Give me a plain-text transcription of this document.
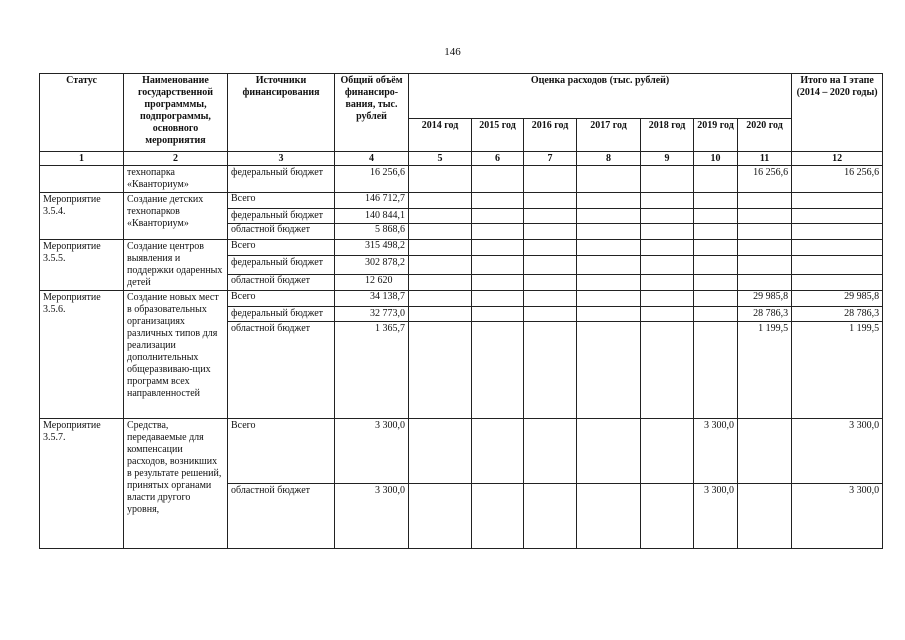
146
Статус	Наименование государственной программмы, подпрограммы, основного мероприятия	Источники финансирования	Общий объём финансиро-вания, тыс. рублей	Оценка расходов (тыс. рублей)							Итого на I этапе (2014 – 2020 годы)
				2014 год	2015 год	2016 год	2017 год	2018 год	2019 год	2020 год	
1	2	3	4	5	6	7	8	9	10	11	12
	технопарка «Кванториум»	федеральный бюджет	16 256,6							16 256,6	16 256,6
Мероприятие 3.5.4.	Создание детских технопарков «Кванториум»	Всего	146 712,7								
		федеральный бюджет	140 844,1								
		областной бюджет	5 868,6								
Мероприятие 3.5.5.	Создание центров выявления и поддержки одаренных детей	Всего	315 498,2								
		федеральный бюджет	302 878,2								
		областной бюджет	12 620								
Мероприятие 3.5.6.	Создание новых мест в образовательных организациях различных типов для реализации дополнительных общеразвиваю-щих программ всех направленностей	Всего	34 138,7							29 985,8	29 985,8
		федеральный бюджет	32 773,0							28 786,3	28 786,3
		областной бюджет	1 365,7							1 199,5	1 199,5
Мероприятие 3.5.7.	Средства, передаваемые для компенсации расходов, возникших в результате решений, принятых органами власти другого уровня,	Всего	3 300,0						3 300,0		3 300,0
		областной бюджет	3 300,0						3 300,0		3 300,0
